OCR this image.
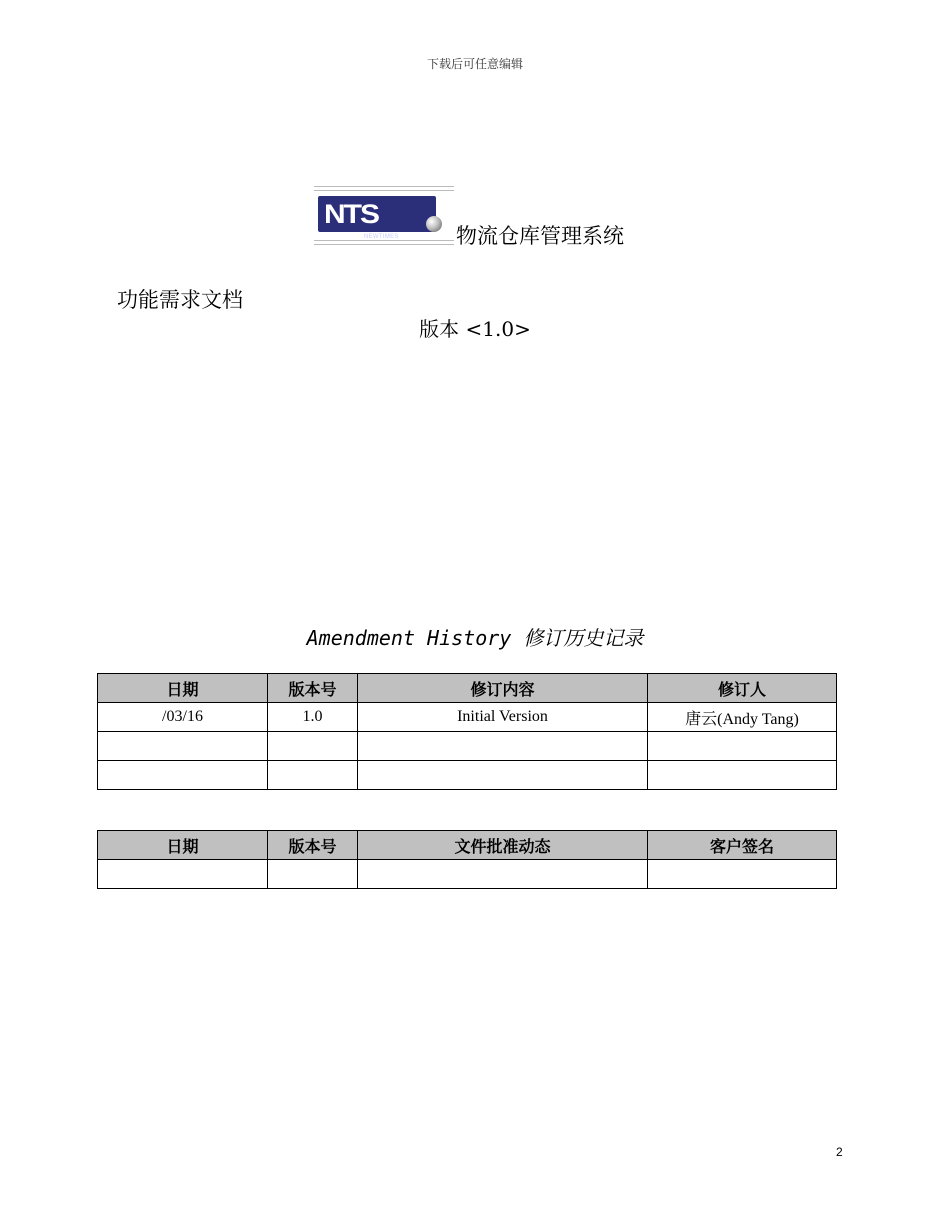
下载后可任意编辑
NTS
NEWTIMES	物流仓库管理系统
功能需求文档
版本 <1.0>
Amendment History 修订历史记录
日期	版本号	修订内容	修订人
/03/16	1.0	Initial Version	唐云(Andy Tang)

日期	版本号	文件批准动态	客户签名

2
